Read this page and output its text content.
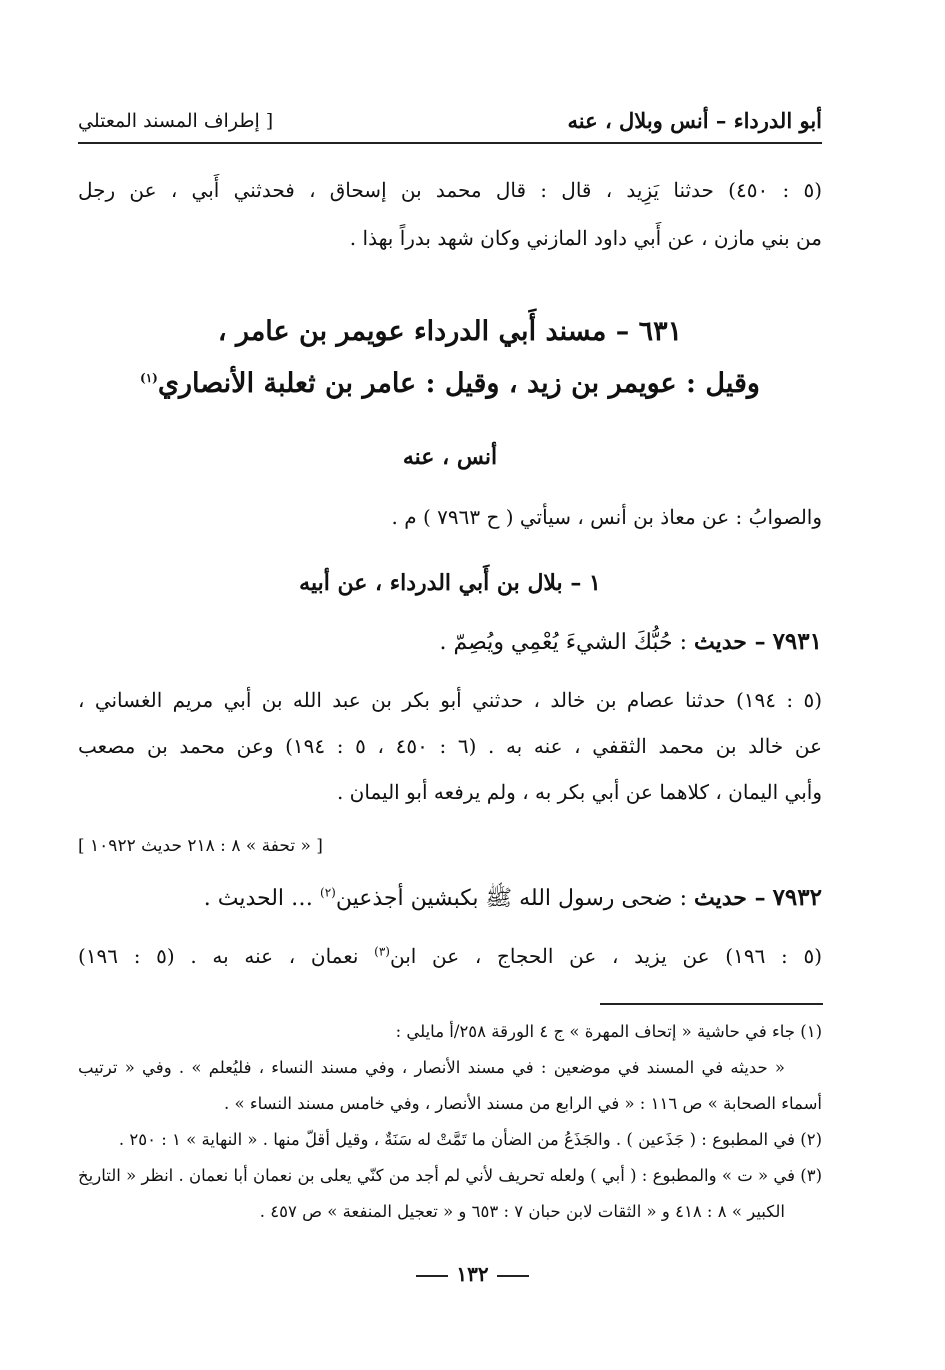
أبو الدرداء – أنس وبلال ، عنه
[ إطراف المسند المعتلي
(٥ : ٤٥٠) حدثنا يَزِيد ، قال : قال محمد بن إسحاق ، فحدثني أَبي ، عن رجل
من بني مازن ، عن أَبي داود المازني وكان شهد بدراً بهذا .
٦٣١ – مسند أَبي الدرداء عويمر بن عامر ،
وقيل : عويمر بن زيد ، وقيل : عامر بن ثعلبة الأنصاري$^{(١)}$
أنس ، عنه
والصوابُ : عن معاذ بن أنس ، سيأتي ( ح ٧٩٦٣ ) م .
١ – بلال بن أَبي الدرداء ، عن أبيه
٧٩٣١ – حديث : حُبُّكَ الشيءَ يُعْمِي ويُصِمّ .
(٥ : ١٩٤) حدثنا عصام بن خالد ، حدثني أبو بكر بن عبد الله بن أبي مريم الغساني ،
عن خالد بن محمد الثقفي ، عنه به . (٦ : ٤٥٠ ، ٥ : ١٩٤) وعن محمد بن مصعب
وأبي اليمان ، كلاهما عن أبي بكر به ، ولم يرفعه أبو اليمان .
[ « تحفة » ٨ : ٢١٨ حديث ١٠٩٢٢ ]
٧٩٣٢ – حديث : ضحى رسول الله ﷺ بكبشين أجذعين$^{(٢)}$ … الحديث .
(٥ : ١٩٦) عن يزيد ، عن الحجاج ، عن ابن$^{(٣)}$ نعمان ، عنه به . (٥ : ١٩٦)
(١) جاء في حاشية « إتحاف المهرة » ج ٤ الورقة ٢٥٨/أ مايلي :
« حديثه في المسند في موضعين : في مسند الأنصار ، وفي مسند النساء ، فليُعلم » . وفي « ترتيب
أسماء الصحابة » ص ١١٦ : « في الرابع من مسند الأنصار ، وفي خامس مسند النساء » .
(٢) في المطبوع : ( جَذَعين ) . والجَذَعُ من الضأن ما تَمَّتْ له سَنَةٌ ، وقيل أقلّ منها . « النهاية » ١ : ٢٥٠ .
(٣) في « ت » والمطبوع : ( أبي ) ولعله تحريف لأني لم أجد من كنّي يعلى بن نعمان أبا نعمان . انظر « التاريخ
الكبير » ٨ : ٤١٨ و « الثقات لابن حبان ٧ : ٦٥٣ و « تعجيل المنفعة » ص ٤٥٧ .
١٣٢
